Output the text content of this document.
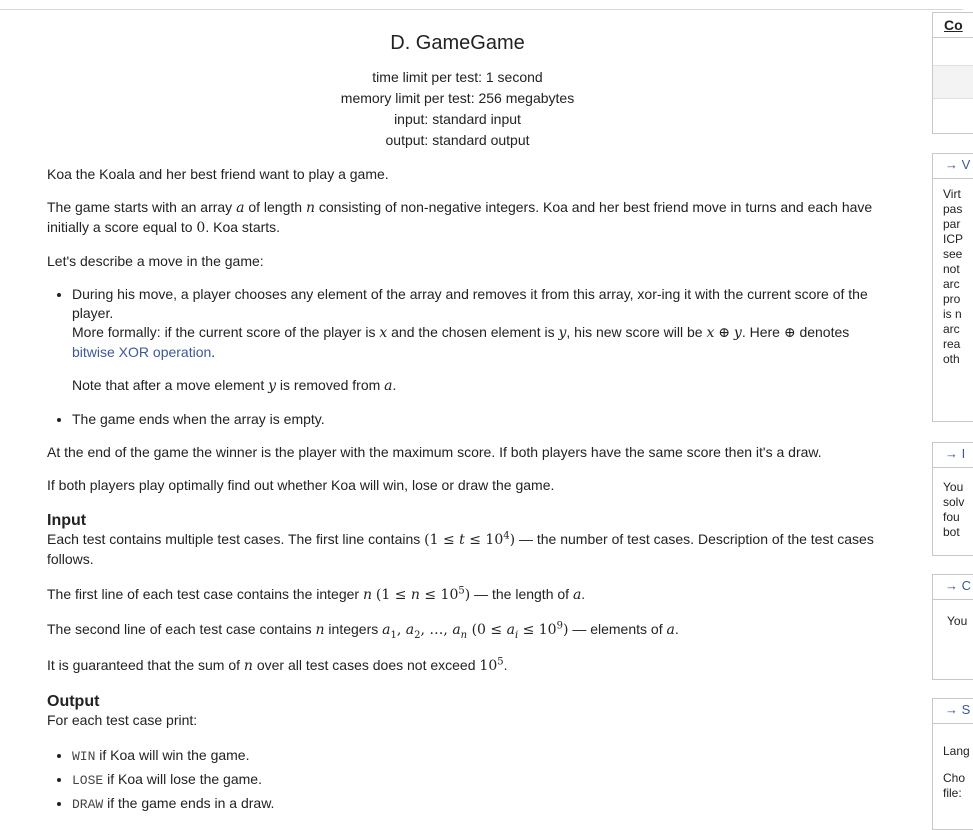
D. GameGame
time limit per test: 1 second
memory limit per test: 256 megabytes
input: standard input
output: standard output

Koa the Koala and her best friend want to play a game.

The game starts with an array a of length n consisting of non-negative integers. Koa and her best friend move in turns and each have initially a score equal to 0. Koa starts.

Let's describe a move in the game:

• During his move, a player chooses any element of the array and removes it from this array, xor-ing it with the current score of the player.
More formally: if the current score of the player is x and the chosen element is y, his new score will be x ⊕ y. Here ⊕ denotes bitwise XOR operation.
Note that after a move element y is removed from a.
• The game ends when the array is empty.

At the end of the game the winner is the player with the maximum score. If both players have the same score then it's a draw.

If both players play optimally find out whether Koa will win, lose or draw the game.

Input

Each test contains multiple test cases. The first line contains $(1 \le t \le 10^4)$ — the number of test cases. Description of the test cases follows.

The first line of each test case contains the integer n $(1 \le n \le 10^5)$ — the length of a.

The second line of each test case contains n integers $a_1$, $a_2$, …, $a_n$ $(0 \le a_i \le 10^9)$ — elements of a.

It is guaranteed that the sum of n over all test cases does not exceed $10^5$.

Output

For each test case print:

• WIN if Koa will win the game.
• LOSE if Koa will lose the game.
• DRAW if the game ends in a draw.
Co
→ V
Virt
pas
par
ICP
see
not
arc
pro
is n
arc
rea
oth
→ I
You
solv
fou
bot
→ C
You
→ S
Lang
Cho
file:
